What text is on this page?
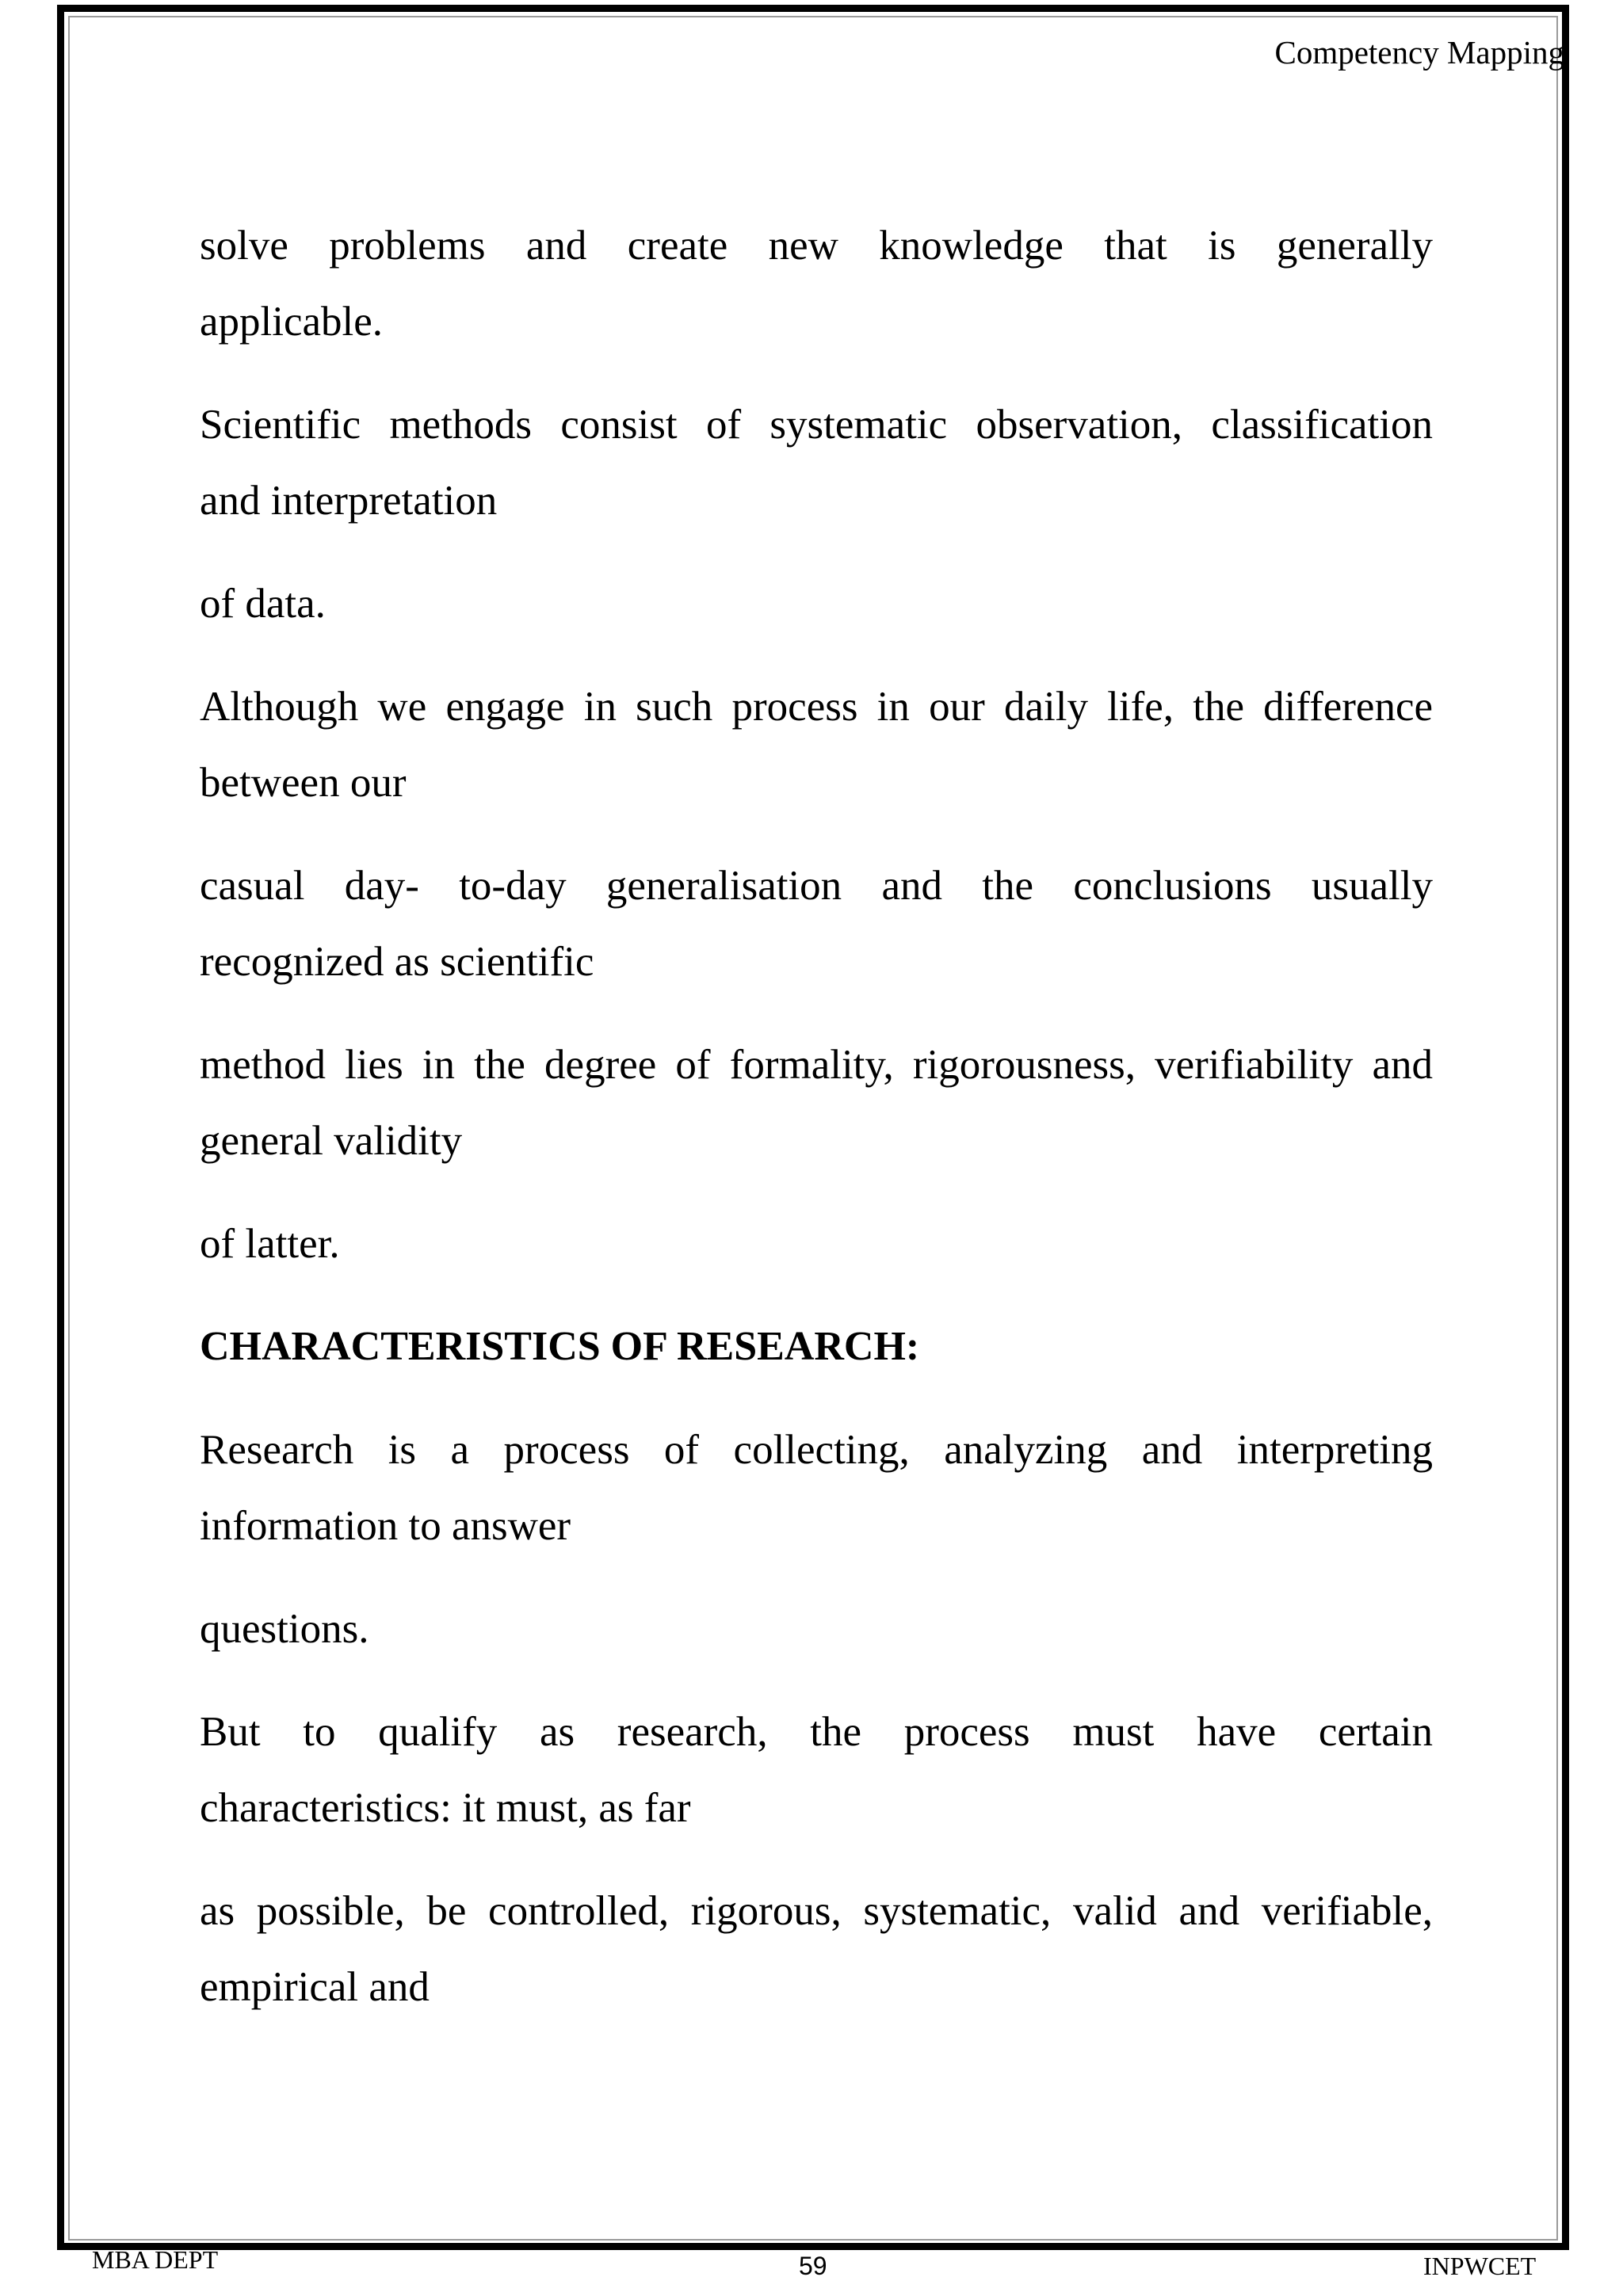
Competency Mapping
solve problems and create new knowledge that is generally
applicable.
Scientific methods consist of systematic observation, classification
and interpretation
of data.
Although we engage in such process in our daily life, the difference
between our
casual day- to-day generalisation and the conclusions usually
recognized as scientific
method lies in the degree of formality, rigorousness, verifiability and
general validity
of latter.
CHARACTERISTICS OF RESEARCH:
Research is a process of collecting, analyzing and interpreting
information to answer
questions.
But to qualify as research, the process must have certain
characteristics: it must, as far
as possible, be controlled, rigorous, systematic, valid and verifiable,
empirical and
MBA DEPT	59	INPWCET
